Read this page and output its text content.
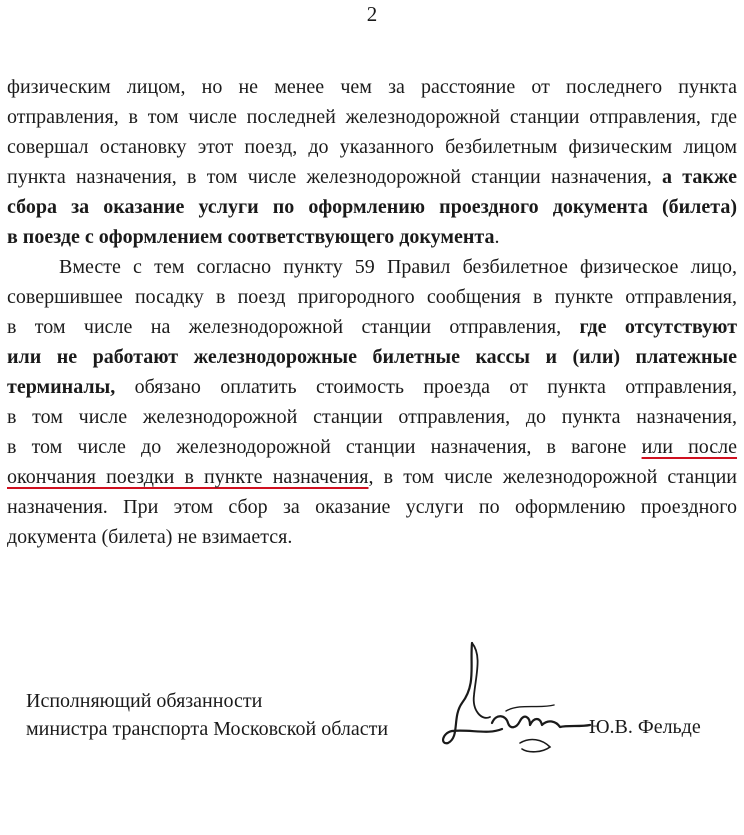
2
физическим лицом, но не менее чем за расстояние от последнего пункта
отправления, в том числе последней железнодорожной станции отправления, где
совершал остановку этот поезд, до указанного безбилетным физическим лицом
пункта назначения, в том числе железнодорожной станции назначения, а также
сбора за оказание услуги по оформлению проездного документа (билета)
в поезде с оформлением соответствующего документа.
Вместе с тем согласно пункту 59 Правил безбилетное физическое лицо,
совершившее посадку в поезд пригородного сообщения в пункте отправления,
в том числе на железнодорожной станции отправления, где отсутствуют
или не работают железнодорожные билетные кассы и (или) платежные
терминалы, обязано оплатить стоимость проезда от пункта отправления,
в том числе железнодорожной станции отправления, до пункта назначения,
в том числе до железнодорожной станции назначения, в вагоне или после
окончания поездки в пункте назначения, в том числе железнодорожной станции
назначения. При этом сбор за оказание услуги по оформлению проездного
документа (билета) не взимается.
Исполняющий обязанности
министра транспорта Московской области	Ю.В. Фельде
